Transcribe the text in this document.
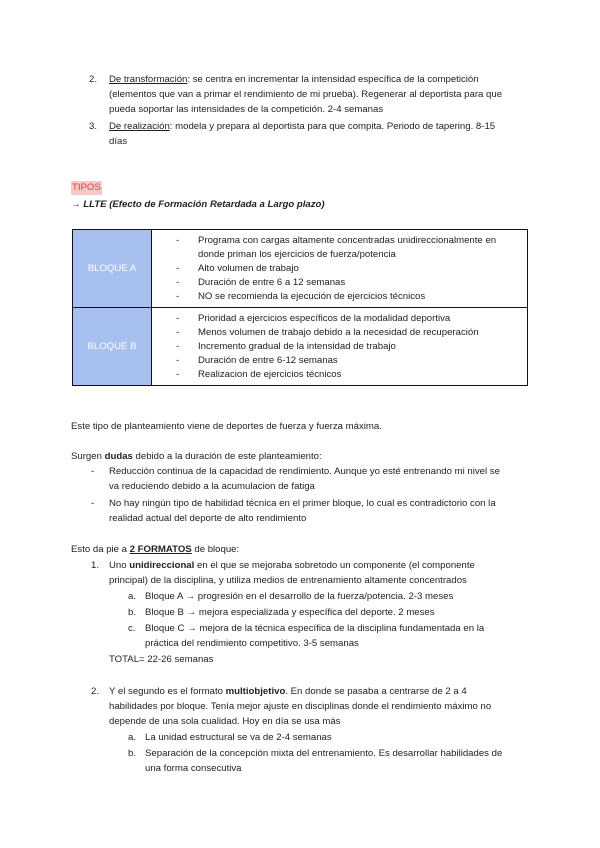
2. De transformación: se centra en incrementar la intensidad específica de la competición
(elementos que van a primar el rendimiento de mi prueba). Regenerar al deportista para que
pueda soportar las intensidades de la competición. 2-4 semanas
3. De realización: modela y prepara al deportista para que compita. Periodo de tapering. 8-15
días
TIPOS
→ LLTE (Efecto de Formación Retardada a Largo plazo)
BLOQUE A	- Programa con cargas altamente concentradas unidireccionalmente en
donde priman los ejercicios de fuerza/potencia
- Alto volumen de trabajo
- Duración de entre 6 a 12 semanas
- NO se recomienda la ejecución de ejercicios técnicos

BLOQUE B	- Prioridad a ejercicios específicos de la modalidad deportiva
- Menos volumen de trabajo debido a la necesidad de recuperación
- Incremento gradual de la intensidad de trabajo
- Duración de entre 6-12 semanas
- Realizacion de ejercicios técnicos
Este tipo de planteamiento viene de deportes de fuerza y fuerza máxima.
Surgen dudas debido a la duración de este planteamiento:
- Reducción continua de la capacidad de rendimiento. Aunque yo esté entrenando mi nivel se
va reduciendo debido a la acumulacion de fatiga
- No hay ningún tipo de habilidad técnica en el primer bloque, lo cual es contradictorio con la
realidad actual del deporte de alto rendimiento
Esto da pie a 2 FORMATOS de bloque:
1. Uno unidireccional en el que se mejoraba sobretodo un componente (el componente
principal) de la disciplina, y utiliza medios de entrenamiento altamente concentrados
a. Bloque A → progresión en el desarrollo de la fuerza/potencia. 2-3 meses
b. Bloque B → mejora especializada y específica del deporte. 2 meses
c. Bloque C → mejora de la técnica específica de la disciplina fundamentada en la
práctica del rendimiento competitivo. 3-5 semanas
TOTAL= 22-26 semanas
2. Y el segundo es el formato multiobjetivo. En donde se pasaba a centrarse de 2 a 4
habilidades por bloque. Tenía mejor ajuste en disciplinas donde el rendimiento máximo no
depende de una sola cualidad. Hoy en día se usa más
a. La unidad estructural se va de 2-4 semanas
b. Separación de la concepción mixta del entrenamiento. Es desarrollar habilidades de
una forma consecutiva
